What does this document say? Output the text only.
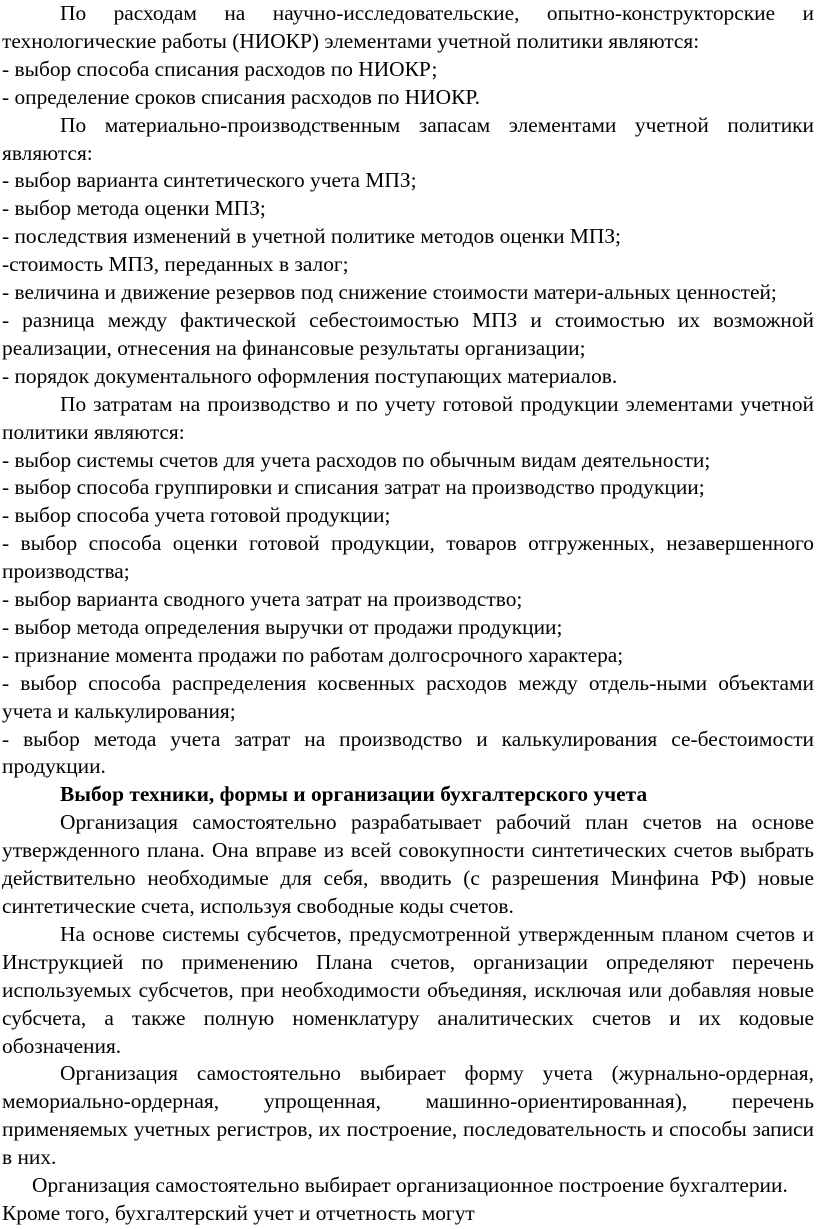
По расходам на научно-исследовательские, опытно-конструкторские и технологические работы (НИОКР) элементами учетной политики являются:

- выбор способа списания расходов по НИОКР;

- определение сроков списания расходов по НИОКР.

По материально-производственным запасам элементами учетной политики являются:

- выбор варианта синтетического учета МПЗ;

- выбор метода оценки МПЗ;

- последствия изменений в учетной политике методов оценки МПЗ;

-стоимость МПЗ, переданных в залог;

- величина и движение резервов под снижение стоимости матери-альных ценностей;

- разница между фактической себестоимостью МПЗ и стоимостью их возможной реализации, отнесения на финансовые результаты организации;

- порядок документального оформления поступающих материалов.

По затратам на производство и по учету готовой продукции элементами учетной политики являются:

- выбор системы счетов для учета расходов по обычным видам деятельности;

- выбор способа группировки и списания затрат на производство продукции;

- выбор способа учета готовой продукции;

- выбор способа оценки готовой продукции, товаров отгруженных, незавершенного производства;

- выбор варианта сводного учета затрат на производство;

- выбор метода определения выручки от продажи продукции;

- признание момента продажи по работам долгосрочного характера;

- выбор способа распределения косвенных расходов между отдель-ными объектами учета и калькулирования;

- выбор метода учета затрат на производство и калькулирования се-бестоимости продукции.

Выбор техники, формы и организации бухгалтерского учета

Организация самостоятельно разрабатывает рабочий план счетов на основе утвержденного плана. Она вправе из всей совокупности синтетических счетов выбрать действительно необходимые для себя, вводить (с разрешения Минфина РФ) новые синтетические счета, используя свободные коды счетов.

На основе системы субсчетов, предусмотренной утвержденным планом счетов и Инструкцией по применению Плана счетов, организации определяют перечень используемых субсчетов, при необходимости объединяя, исключая или добавляя новые субсчета, а также полную номенклатуру аналитических счетов и их кодовые обозначения.

Организация самостоятельно выбирает форму учета (журнально-ордерная, мемориально-ордерная, упрощенная, машинно-ориентированная), перечень применяемых учетных регистров, их построение, последовательность и способы записи в них.

Организация самостоятельно выбирает организационное построение бухгалтерии. Кроме того, бухгалтерский учет и отчетность могут
